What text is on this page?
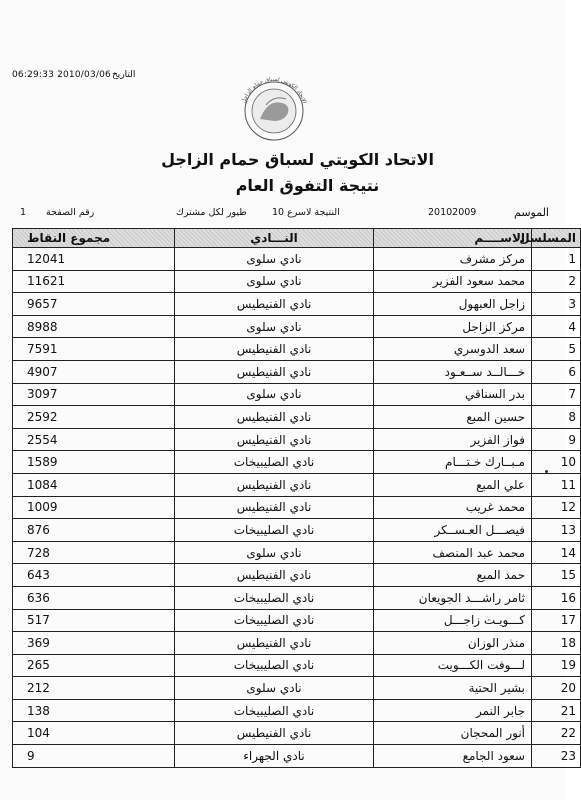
06:29:33 2010/03/06 التاريخ
الاتحاد الكويتي لسباق حمام الزاجل
الاتحاد الكويتي لسباق حمام الزاجل
نتيجة التفوق العام
الموسم
20102009
النتيجة لاسرع 10
طيور لكل مشترك
رقم الصفحة
1
المسلسل	الاســــم	النـــادي	مجموع النقاط
1	مركز مشرف	نادي سلوى	12041
2	محمد سعود الفزير	نادي سلوى	11621
3	زاجل العبهول	نادي الفنيطيس	9657
4	مركز الزاجل	نادي سلوى	8988
5	سعد الدوسري	نادي الفنيطيس	7591
6	خـــالــد ســعـود	نادي الفنيطيس	4907
7	بدر السناقي	نادي سلوى	3097
8	حسين المبع	نادي الفنيطيس	2592
9	فواز الفزير	نادي الفنيطيس	2554
10	مـبــارك خـتـــام	نادي الصليبيخات	1589
11	علي المبع	نادي الفنيطيس	1084
12	محمد غريب	نادي الفنيطيس	1009
13	فيصـــل العـســكر	نادي الصليبيخات	876
14	محمد عبد المنصف	نادي سلوى	728
15	حمد المبع	نادي الفنيطيس	643
16	ثامر راشـــد الجويعان	نادي الصليبيخات	636
17	كـــويـت زاجـــل	نادي الصليبيخات	517
18	منذر الوزان	نادي الفنيطيس	369
19	لـــوفت الكـــويت	نادي الصليبيخات	265
20	بشير الحتية	نادي سلوى	212
21	جابر النمر	نادي الصليبيخات	138
22	أنور المحجان	نادي الفنيطيس	104
23	سعود الجامع	نادي الجهراء	9
